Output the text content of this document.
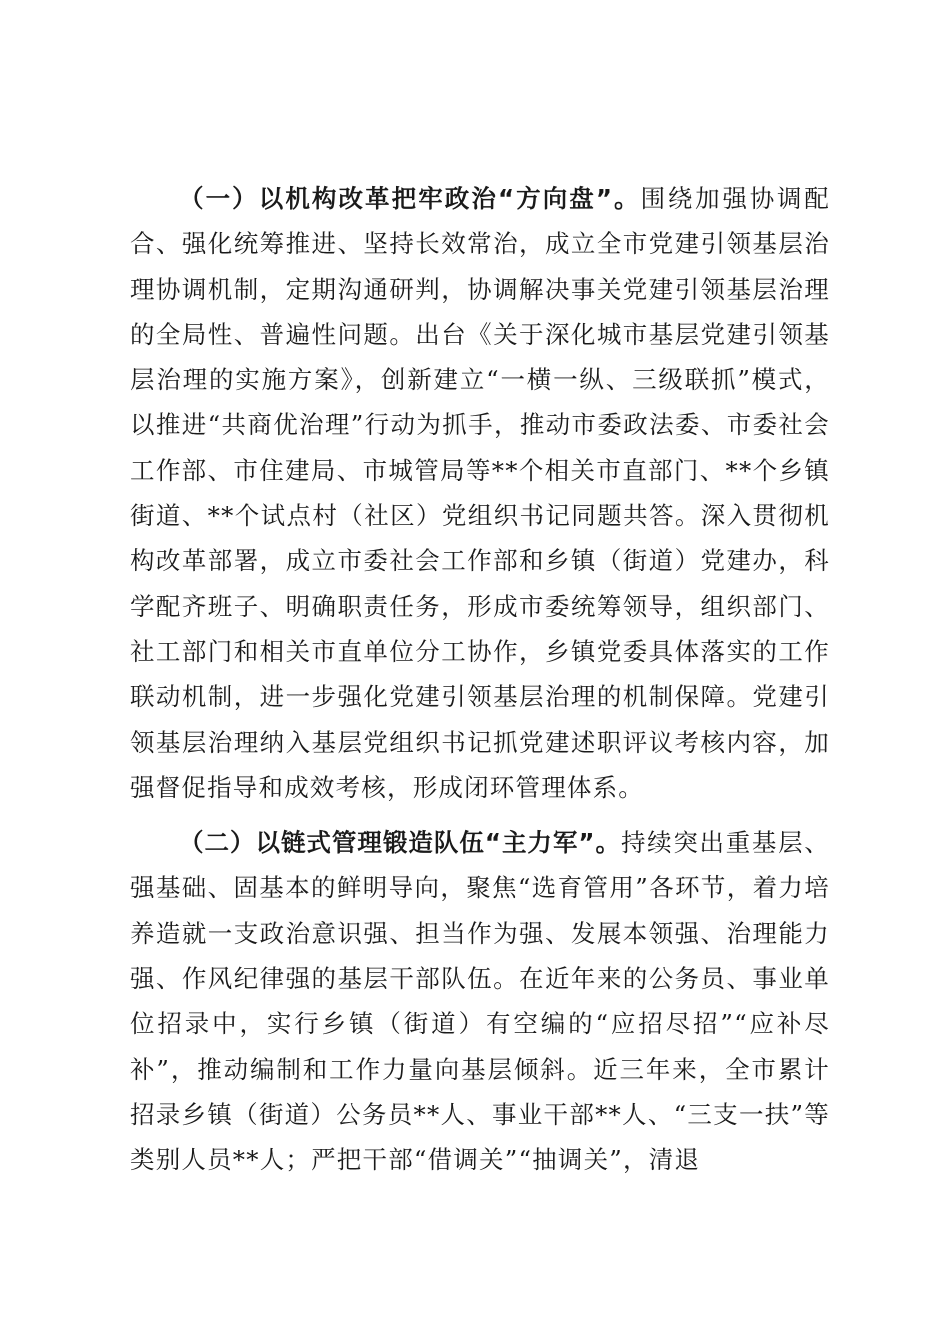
（一）以机构改革把牢政治“方向盘”。围绕加强协调配合、强化统筹推进、坚持长效常治，成立全市党建引领基层治理协调机制，定期沟通研判，协调解决事关党建引领基层治理的全局性、普遍性问题。出台《关于深化城市基层党建引领基层治理的实施方案》，创新建立“一横一纵、三级联抓”模式，以推进“共商优治理”行动为抓手，推动市委政法委、市委社会工作部、市住建局、市城管局等**个相关市直部门、**个乡镇街道、**个试点村（社区）党组织书记同题共答。深入贯彻机构改革部署，成立市委社会工作部和乡镇（街道）党建办，科学配齐班子、明确职责任务，形成市委统筹领导，组织部门、社工部门和相关市直单位分工协作，乡镇党委具体落实的工作联动机制，进一步强化党建引领基层治理的机制保障。党建引领基层治理纳入基层党组织书记抓党建述职评议考核内容，加强督促指导和成效考核，形成闭环管理体系。

（二）以链式管理锻造队伍“主力军”。持续突出重基层、强基础、固基本的鲜明导向，聚焦“选育管用”各环节，着力培养造就一支政治意识强、担当作为强、发展本领强、治理能力强、作风纪律强的基层干部队伍。在近年来的公务员、事业单位招录中，实行乡镇（街道）有空编的“应招尽招”“应补尽补”，推动编制和工作力量向基层倾斜。近三年来，全市累计招录乡镇（街道）公务员**人、事业干部**人、“三支一扶”等类别人员**人；严把干部“借调关”“抽调关”，清退
